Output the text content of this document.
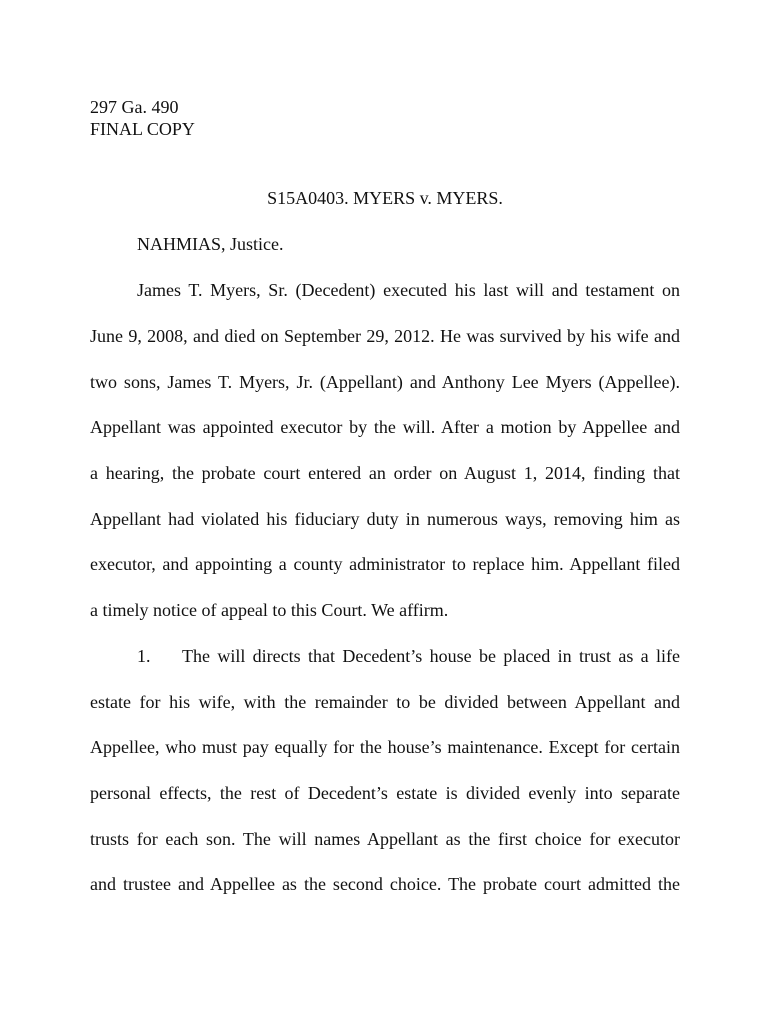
297 Ga. 490
FINAL COPY
S15A0403. MYERS v. MYERS.
NAHMIAS, Justice.
James T. Myers, Sr. (Decedent) executed his last will and testament on
June 9, 2008, and died on September 29, 2012. He was survived by his wife and
two sons, James T. Myers, Jr. (Appellant) and Anthony Lee Myers (Appellee).
Appellant was appointed executor by the will. After a motion by Appellee and
a hearing, the probate court entered an order on August 1, 2014, finding that
Appellant had violated his fiduciary duty in numerous ways, removing him as
executor, and appointing a county administrator to replace him. Appellant filed
a timely notice of appeal to this Court. We affirm.
1. The will directs that Decedent’s house be placed in trust as a life
estate for his wife, with the remainder to be divided between Appellant and
Appellee, who must pay equally for the house’s maintenance. Except for certain
personal effects, the rest of Decedent’s estate is divided evenly into separate
trusts for each son. The will names Appellant as the first choice for executor
and trustee and Appellee as the second choice. The probate court admitted the
